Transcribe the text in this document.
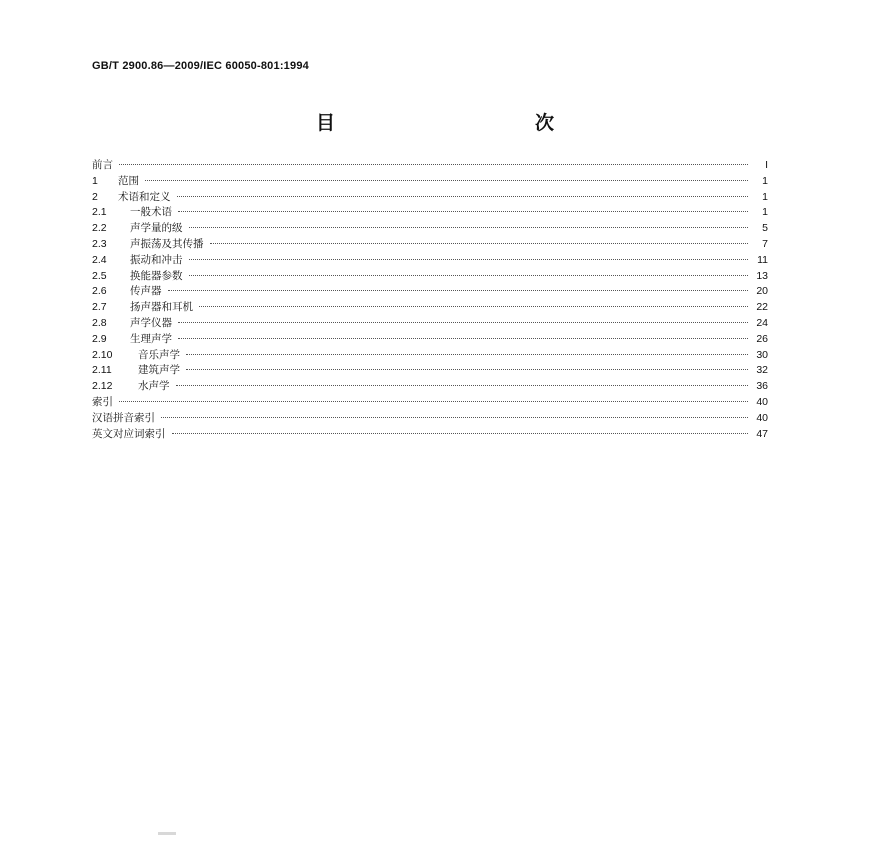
GB/T 2900.86—2009/IEC 60050-801:1994
目　　次
前言	I
1	范围	1
2	术语和定义	1
2.1	一般术语	1
2.2	声学量的级	5
2.3	声振荡及其传播	7
2.4	振动和冲击	11
2.5	换能器参数	13
2.6	传声器	20
2.7	扬声器和耳机	22
2.8	声学仪器	24
2.9	生理声学	26
2.10	音乐声学	30
2.11	建筑声学	32
2.12	水声学	36
索引	40
汉语拼音索引	40
英文对应词索引	47
